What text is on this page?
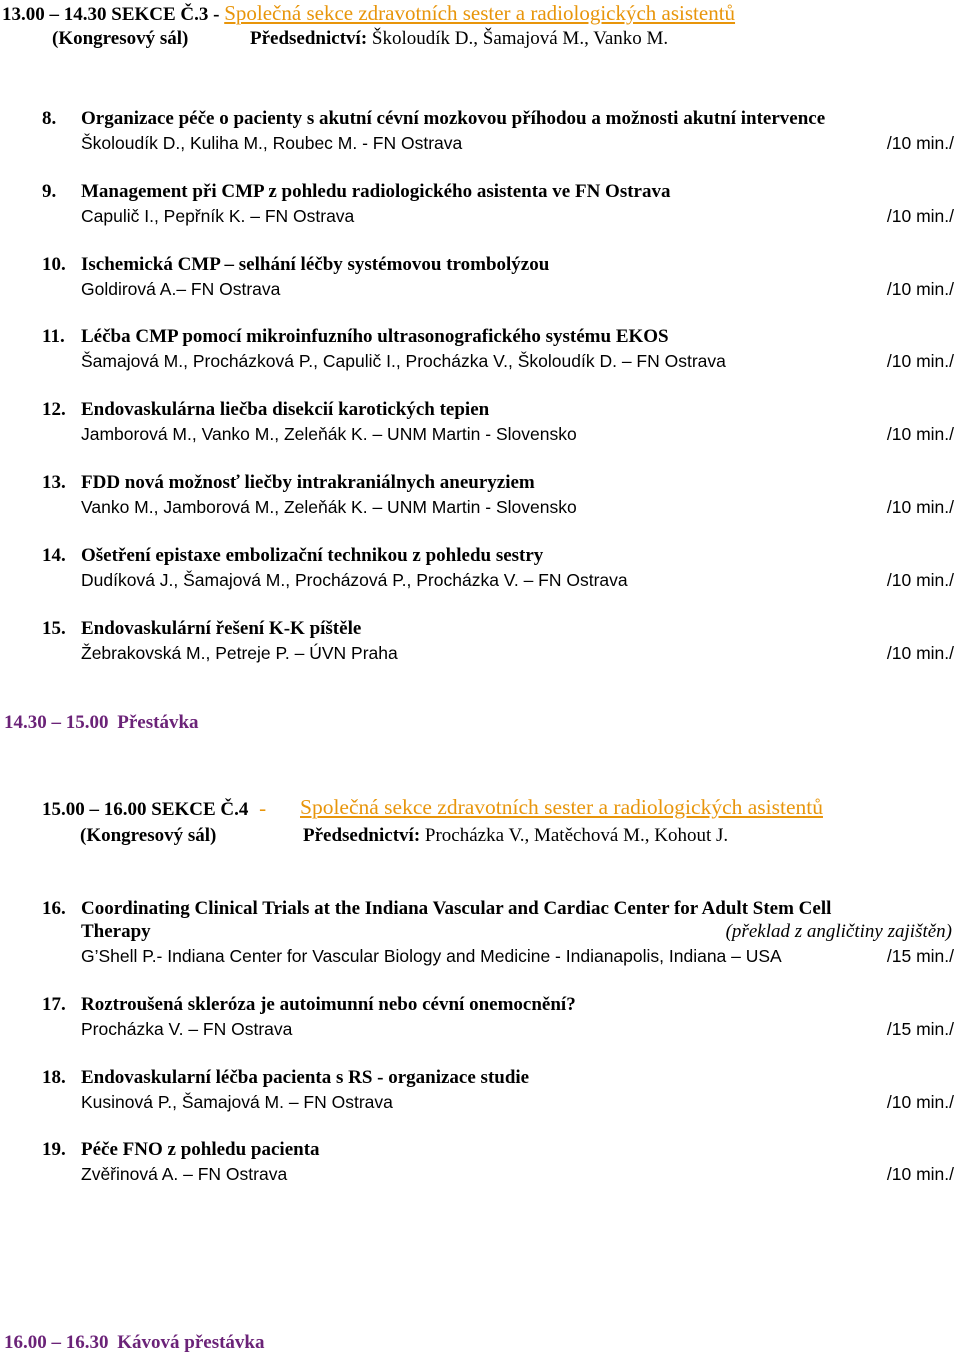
13.00 – 14.30 SEKCE Č.3 - Společná sekce zdravotních sester a radiologických asistentů
(Kongresový sál)	Předsednictví: Školoudík D., Šamajová M., Vanko M.
8. Organizace péče o pacienty s akutní cévní mozkovou příhodou a možnosti akutní intervence
Školoudík D., Kuliha M., Roubec M. - FN Ostrava	/10 min./
9. Management při CMP z pohledu radiologického asistenta ve FN Ostrava
Capulič I., Pepřník K. – FN Ostrava	/10 min./
10. Ischemická CMP – selhání léčby systémovou trombolýzou
Goldirová A.– FN Ostrava	/10 min./
11. Léčba CMP pomocí mikroinfuzního ultrasonografického systému EKOS
Šamajová M., Procházková P., Capulič I., Procházka V., Školoudík D. – FN Ostrava	/10 min./
12. Endovaskulárna liečba disekcií karotických tepien
Jamborová M., Vanko M., Zeleňák K. – UNM Martin - Slovensko	/10 min./
13. FDD nová možnosť liečby intrakraniálnych aneuryziem
Vanko M., Jamborová M., Zeleňák K. – UNM Martin - Slovensko	/10 min./
14. Ošetření epistaxe embolizační technikou z pohledu sestry
Dudíková J., Šamajová M., Procházová P., Procházka V. – FN Ostrava	/10 min./
15. Endovaskulární řešení K-K píštěle
Žebrakovská M., Petreje P. – ÚVN Praha	/10 min./
14.30 – 15.00 Přestávka
15.00 – 16.00 SEKCE Č.4 - Společná sekce zdravotních sester a radiologických asistentů
(Kongresový sál)	Předsednictví: Procházka V., Matěchová M., Kohout J.
16. Coordinating Clinical Trials at the Indiana Vascular and Cardiac Center for Adult Stem Cell
Therapy	(překlad z angličtiny zajištěn)
G’Shell P.- Indiana Center for Vascular Biology and Medicine - Indianapolis, Indiana – USA	/15 min./
17. Roztroušená skleróza je autoimunní nebo cévní onemocnění?
Procházka V. – FN Ostrava	/15 min./
18. Endovaskularní léčba pacienta s RS - organizace studie
Kusinová P., Šamajová M. – FN Ostrava	/10 min./
19. Péče FNO z pohledu pacienta
Zvěřinová A. – FN Ostrava	/10 min./
16.00 – 16.30 Kávová přestávka
